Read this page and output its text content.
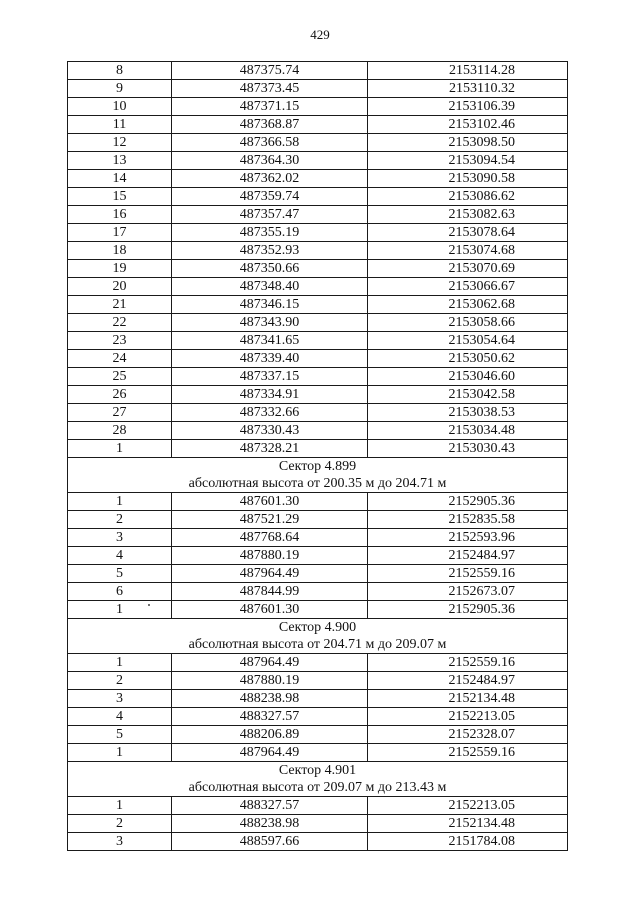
429
8	487375.74	2153114.28
9	487373.45	2153110.32
10	487371.15	2153106.39
11	487368.87	2153102.46
12	487366.58	2153098.50
13	487364.30	2153094.54
14	487362.02	2153090.58
15	487359.74	2153086.62
16	487357.47	2153082.63
17	487355.19	2153078.64
18	487352.93	2153074.68
19	487350.66	2153070.69
20	487348.40	2153066.67
21	487346.15	2153062.68
22	487343.90	2153058.66
23	487341.65	2153054.64
24	487339.40	2153050.62
25	487337.15	2153046.60
26	487334.91	2153042.58
27	487332.66	2153038.53
28	487330.43	2153034.48
1	487328.21	2153030.43
Сектор 4.899		
абсолютная высота от 200.35 м до 204.71 м		
1	487601.30	2152905.36
2	487521.29	2152835.58
3	487768.64	2152593.96
4	487880.19	2152484.97
5	487964.49	2152559.16
6	487844.99	2152673.07
1	487601.30	2152905.36
Сектор 4.900		
абсолютная высота от 204.71 м до 209.07 м		
1	487964.49	2152559.16
2	487880.19	2152484.97
3	488238.98	2152134.48
4	488327.57	2152213.05
5	488206.89	2152328.07
1	487964.49	2152559.16
Сектор 4.901		
абсолютная высота от 209.07 м до 213.43 м		
1	488327.57	2152213.05
2	488238.98	2152134.48
3	488597.66	2151784.08
